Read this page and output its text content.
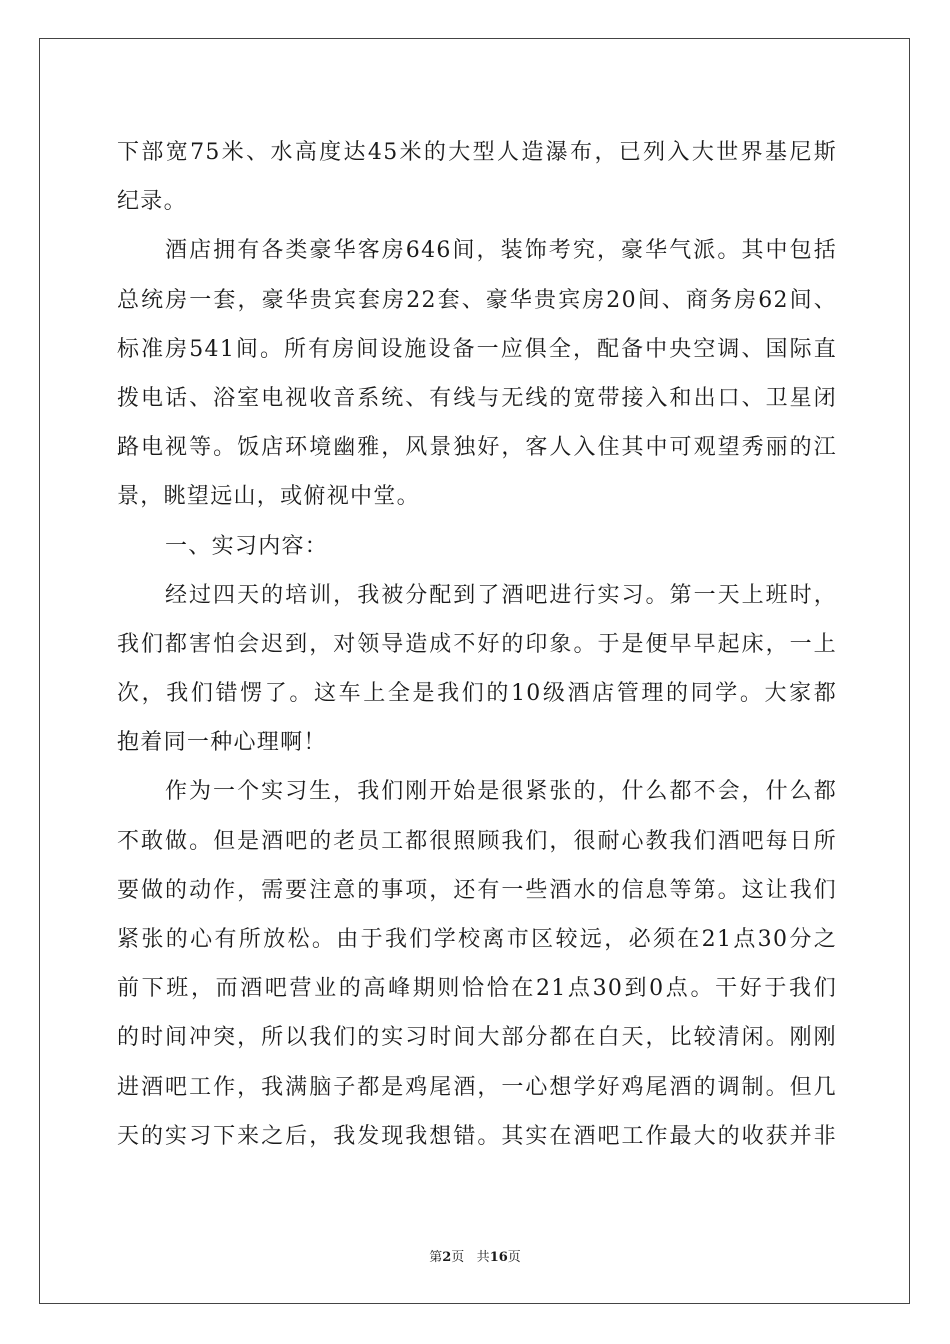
下部宽75米、水高度达45米的大型人造瀑布，已列入大世界基尼斯
纪录。
酒店拥有各类豪华客房646间，装饰考究，豪华气派。其中包括
总统房一套，豪华贵宾套房22套、豪华贵宾房20间、商务房62间、
标准房541间。所有房间设施设备一应俱全，配备中央空调、国际直
拨电话、浴室电视收音系统、有线与无线的宽带接入和出口、卫星闭
路电视等。饭店环境幽雅，风景独好，客人入住其中可观望秀丽的江
景，眺望远山，或俯视中堂。
一、实习内容：
经过四天的培训，我被分配到了酒吧进行实习。第一天上班时，
我们都害怕会迟到，对领导造成不好的印象。于是便早早起床，一上
次，我们错愣了。这车上全是我们的10级酒店管理的同学。大家都
抱着同一种心理啊！
作为一个实习生，我们刚开始是很紧张的，什么都不会，什么都
不敢做。但是酒吧的老员工都很照顾我们，很耐心教我们酒吧每日所
要做的动作，需要注意的事项，还有一些酒水的信息等第。这让我们
紧张的心有所放松。由于我们学校离市区较远，必须在21点30分之
前下班，而酒吧营业的高峰期则恰恰在21点30到0点。干好于我们
的时间冲突，所以我们的实习时间大部分都在白天，比较清闲。刚刚
进酒吧工作，我满脑子都是鸡尾酒，一心想学好鸡尾酒的调制。但几
天的实习下来之后，我发现我想错。其实在酒吧工作最大的收获并非
第2页 共16页
